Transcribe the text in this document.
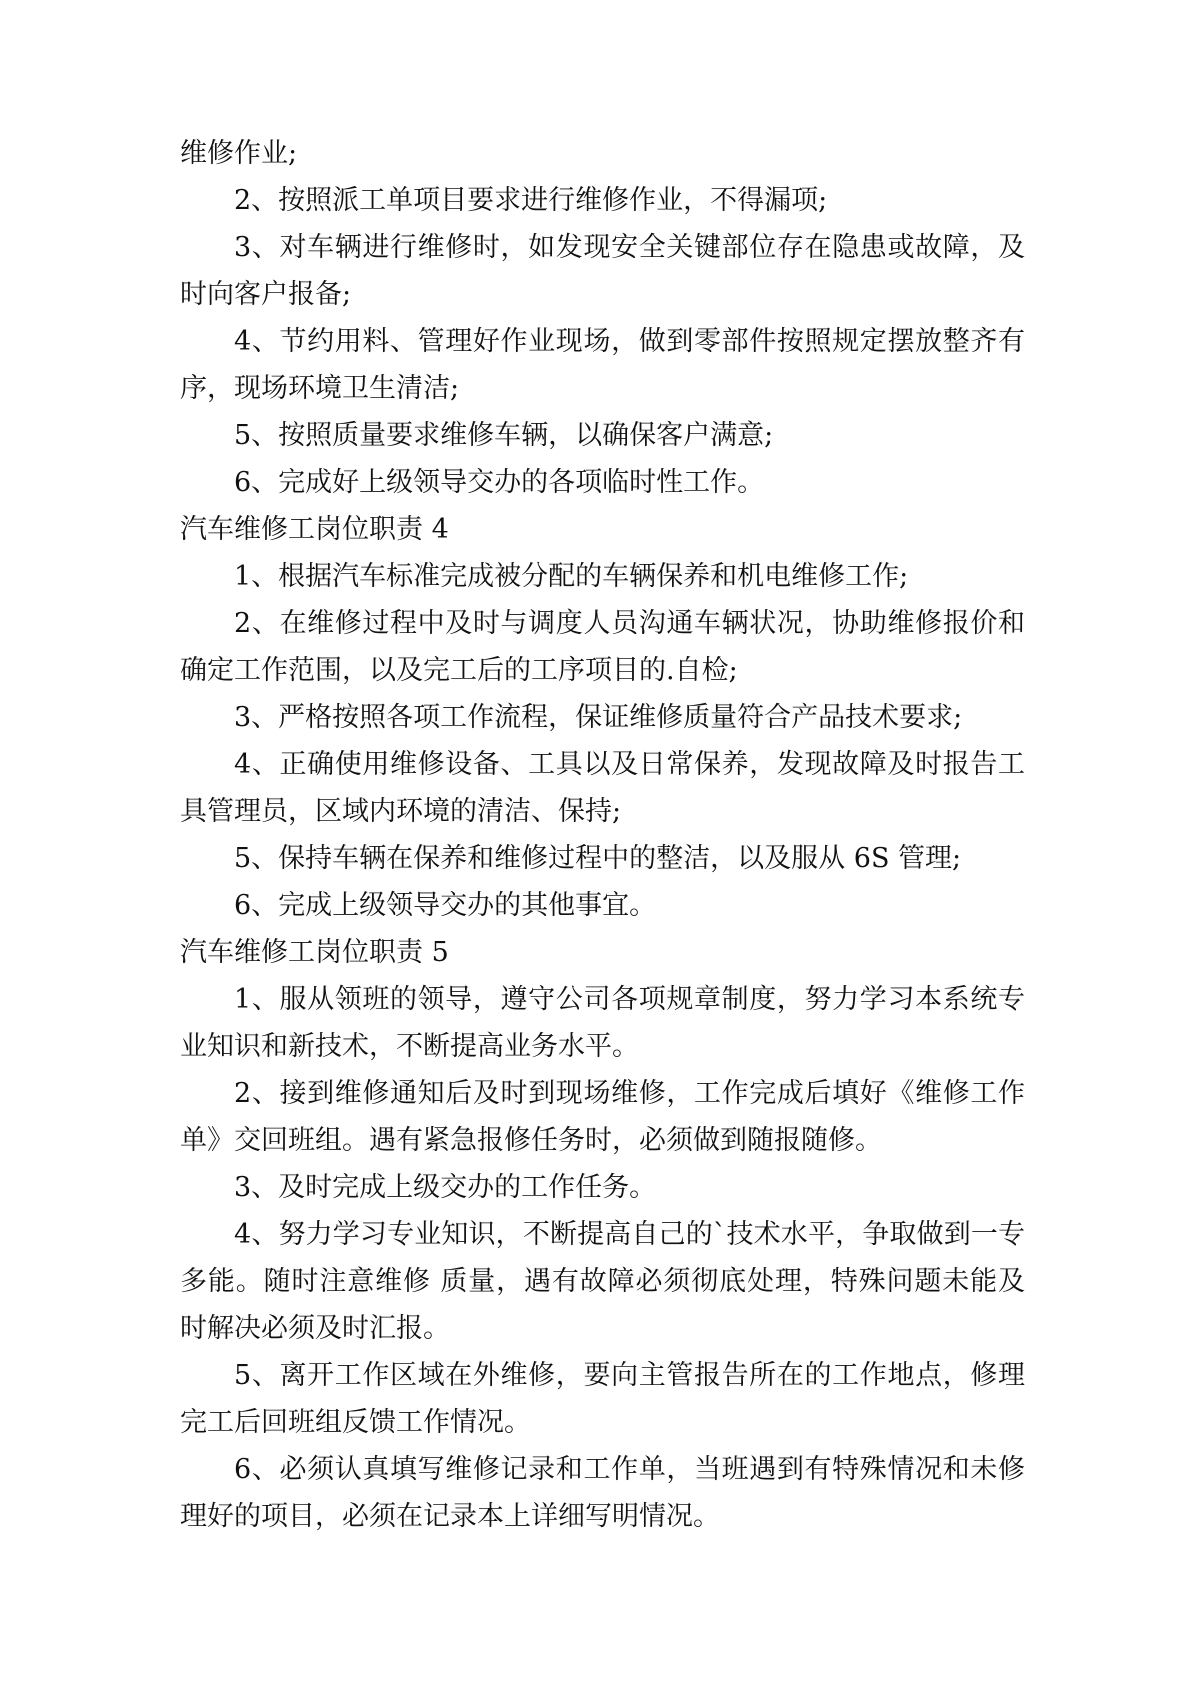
维修作业;

2、按照派工单项目要求进行维修作业，不得漏项;

3、对车辆进行维修时，如发现安全关键部位存在隐患或故障，及时向客户报备;

4、节约用料、管理好作业现场，做到零部件按照规定摆放整齐有序，现场环境卫生清洁;

5、按照质量要求维修车辆，以确保客户满意;

6、完成好上级领导交办的各项临时性工作。

汽车维修工岗位职责 4

1、根据汽车标准完成被分配的车辆保养和机电维修工作;

2、在维修过程中及时与调度人员沟通车辆状况，协助维修报价和确定工作范围，以及完工后的工序项目的.自检;

3、严格按照各项工作流程，保证维修质量符合产品技术要求;

4、正确使用维修设备、工具以及日常保养，发现故障及时报告工具管理员，区域内环境的清洁、保持;

5、保持车辆在保养和维修过程中的整洁，以及服从 6S 管理;

6、完成上级领导交办的其他事宜。

汽车维修工岗位职责 5

1、服从领班的领导，遵守公司各项规章制度，努力学习本系统专业知识和新技术，不断提高业务水平。

2、接到维修通知后及时到现场维修，工作完成后填好《维修工作单》交回班组。遇有紧急报修任务时，必须做到随报随修。

3、及时完成上级交办的工作任务。

4、努力学习专业知识，不断提高自己的`技术水平，争取做到一专多能。随时注意维修 质量，遇有故障必须彻底处理，特殊问题未能及时解决必须及时汇报。

5、离开工作区域在外维修，要向主管报告所在的工作地点，修理完工后回班组反馈工作情况。

6、必须认真填写维修记录和工作单，当班遇到有特殊情况和未修理好的项目，必须在记录本上详细写明情况。
